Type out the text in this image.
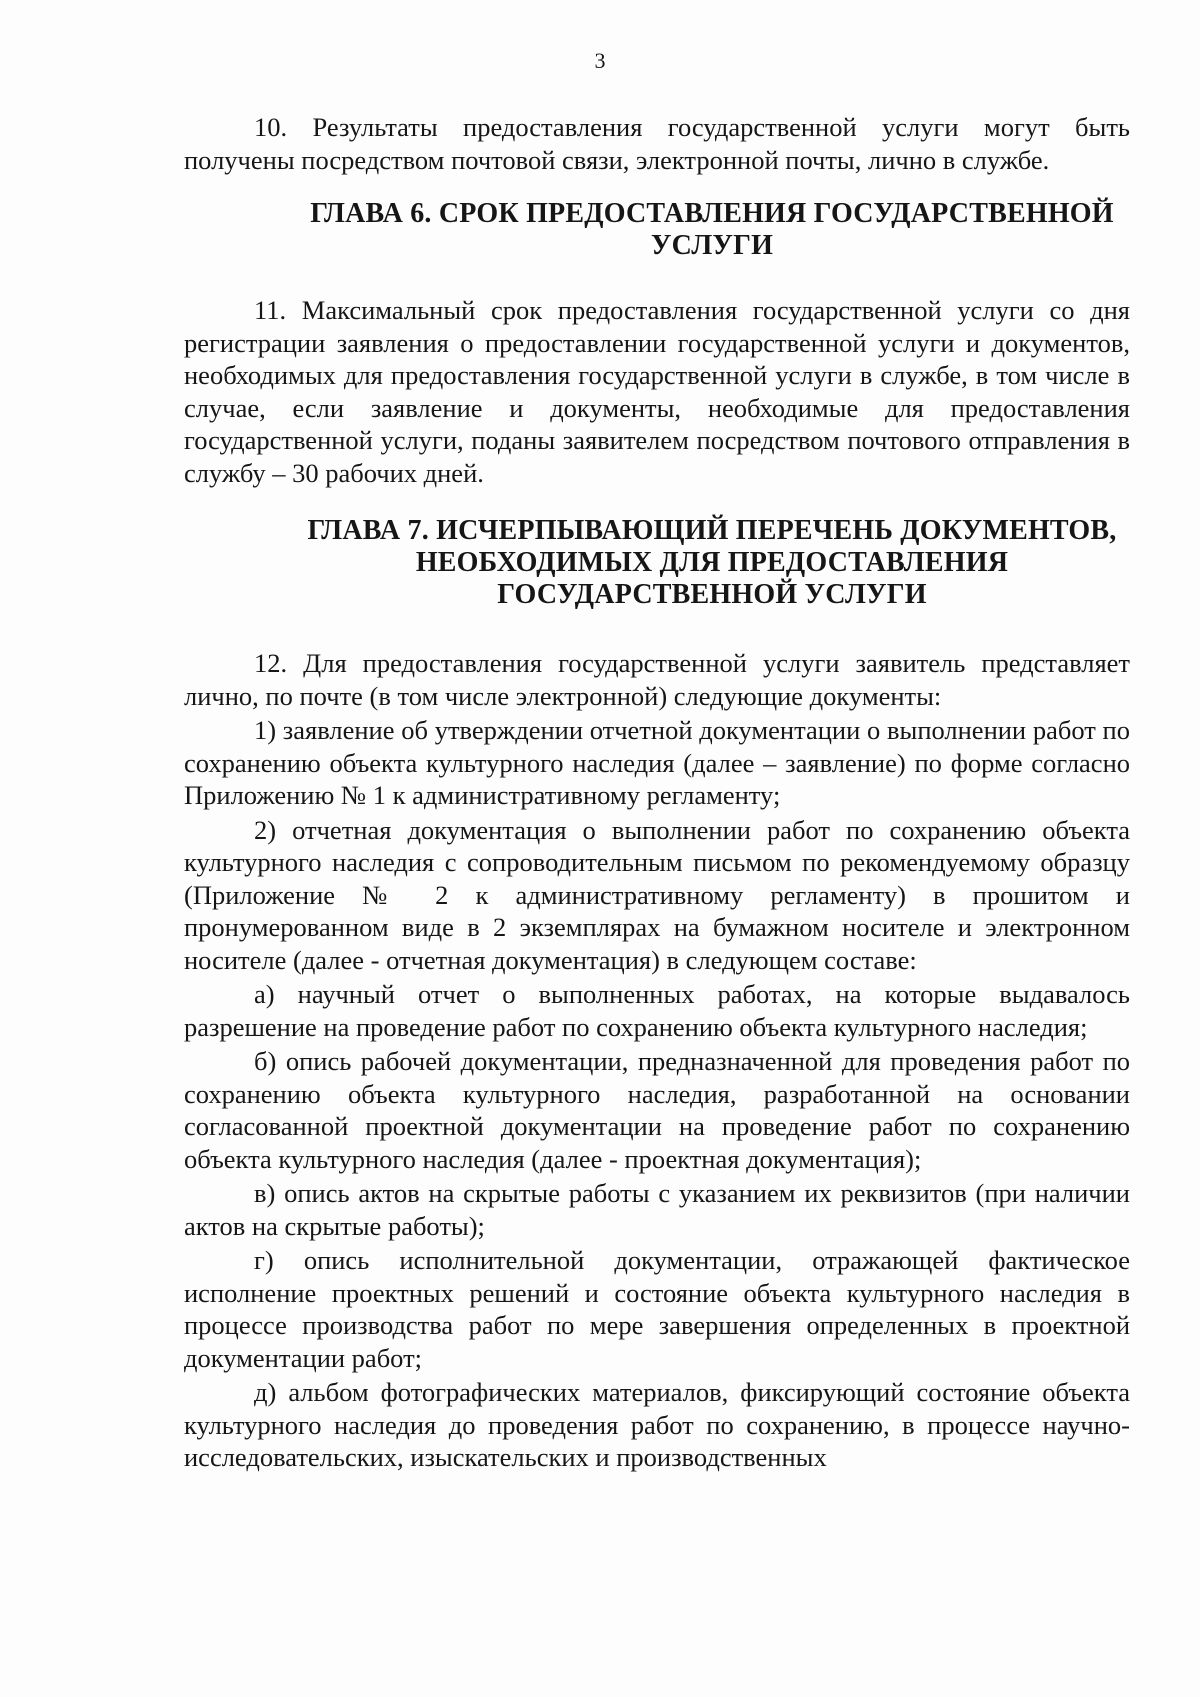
3

10. Результаты предоставления государственной услуги могут быть получены посредством почтовой связи, электронной почты, лично в службе.

ГЛАВА 6. СРОК ПРЕДОСТАВЛЕНИЯ ГОСУДАРСТВЕННОЙ УСЛУГИ

11. Максимальный срок предоставления государственной услуги со дня регистрации заявления о предоставлении государственной услуги и документов, необходимых для предоставления государственной услуги в службе, в том числе в случае, если заявление и документы, необходимые для предоставления государственной услуги, поданы заявителем посредством почтового отправления в службу – 30 рабочих дней.

ГЛАВА 7. ИСЧЕРПЫВАЮЩИЙ ПЕРЕЧЕНЬ ДОКУМЕНТОВ, НЕОБХОДИМЫХ ДЛЯ ПРЕДОСТАВЛЕНИЯ ГОСУДАРСТВЕННОЙ УСЛУГИ

12. Для предоставления государственной услуги заявитель представляет лично, по почте (в том числе электронной) следующие документы:

1) заявление об утверждении отчетной документации о выполнении работ по сохранению объекта культурного наследия (далее – заявление) по форме согласно Приложению № 1 к административному регламенту;

2) отчетная документация о выполнении работ по сохранению объекта культурного наследия с сопроводительным письмом по рекомендуемому образцу (Приложение № 2 к административному регламенту) в прошитом и пронумерованном виде в 2 экземплярах на бумажном носителе и электронном носителе (далее - отчетная документация) в следующем составе:

а) научный отчет о выполненных работах, на которые выдавалось разрешение на проведение работ по сохранению объекта культурного наследия;

б) опись рабочей документации, предназначенной для проведения работ по сохранению объекта культурного наследия, разработанной на основании согласованной проектной документации на проведение работ по сохранению объекта культурного наследия (далее - проектная документация);

в) опись актов на скрытые работы с указанием их реквизитов (при наличии актов на скрытые работы);

г) опись исполнительной документации, отражающей фактическое исполнение проектных решений и состояние объекта культурного наследия в процессе производства работ по мере завершения определенных в проектной документации работ;

д) альбом фотографических материалов, фиксирующий состояние объекта культурного наследия до проведения работ по сохранению, в процессе научно-исследовательских, изыскательских и производственных
